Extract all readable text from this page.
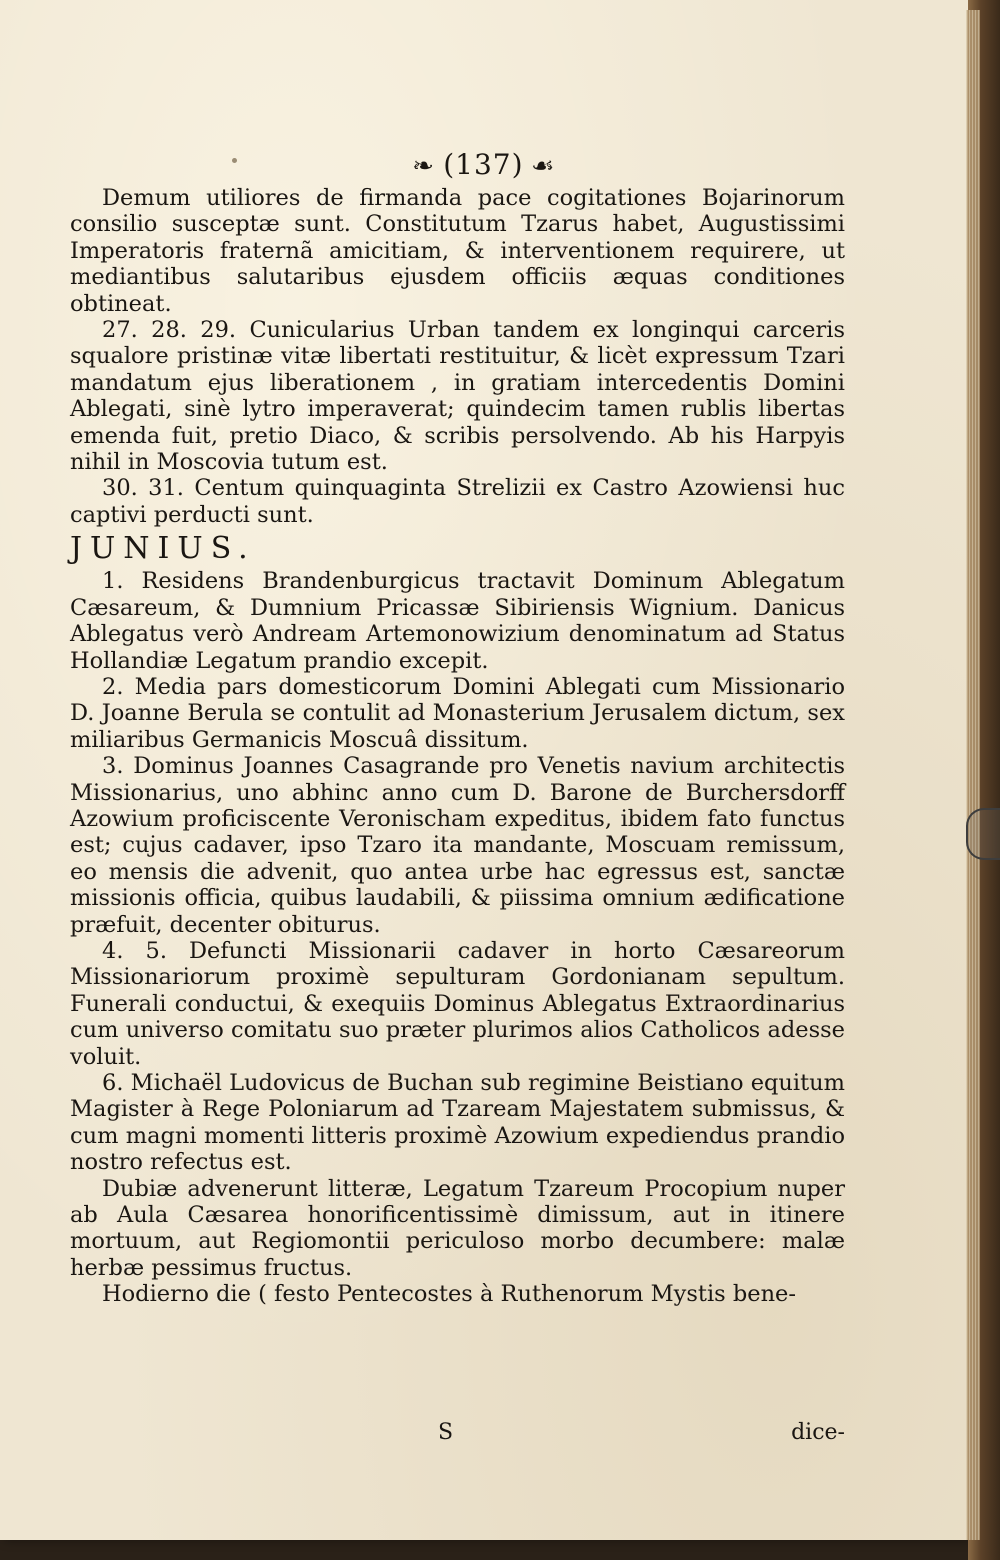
❧ (137) ☙

Demum utiliores de firmanda pace cogitationes Bojarinorum consilio susceptæ sunt. Constitutum Tzarus habet, Augustissimi Imperatoris fraternã amicitiam, & interventionem requirere, ut mediantibus salutaribus ejusdem officiis æquas conditiones obtineat.

27. 28. 29. Cunicularius Urban tandem ex longinqui carceris squalore pristinæ vitæ libertati restituitur, & licèt expressum Tzari mandatum ejus liberationem , in gratiam intercedentis Domini Ablegati, sinè lytro imperaverat; quindecim tamen rublis libertas emenda fuit, pretio Diaco, & scribis persolvendo. Ab his Harpyis nihil in Moscovia tutum est.

30. 31. Centum quinquaginta Strelizii ex Castro Azowiensi huc captivi perducti sunt.

JUNIUS.

1. Residens Brandenburgicus tractavit Dominum Ablegatum Cæsareum, & Dumnium Pricassæ Sibiriensis Wignium. Danicus Ablegatus verò Andream Artemonowizium denominatum ad Status Hollandiæ Legatum prandio excepit.

2. Media pars domesticorum Domini Ablegati cum Missionario D. Joanne Berula se contulit ad Monasterium Jerusalem dictum, sex miliaribus Germanicis Moscuâ dissitum.

3. Dominus Joannes Casagrande pro Venetis navium architectis Missionarius, uno abhinc anno cum D. Barone de Burchersdorff Azowium proficiscente Veronischam expeditus, ibidem fato functus est; cujus cadaver, ipso Tzaro ita mandante, Moscuam remissum, eo mensis die advenit, quo antea urbe hac egressus est, sanctæ missionis officia, quibus laudabili, & piissima omnium ædificatione præfuit, decenter obiturus.

4. 5. Defuncti Missionarii cadaver in horto Cæsareorum Missionariorum proximè sepulturam Gordonianam sepultum. Funerali conductui, & exequiis Dominus Ablegatus Extraordinarius cum universo comitatu suo præter plurimos alios Catholicos adesse voluit.

6. Michaël Ludovicus de Buchan sub regimine Beistiano equitum Magister à Rege Poloniarum ad Tzaream Majestatem submissus, & cum magni momenti litteris proximè Azowium expediendus prandio nostro refectus est.

Dubiæ advenerunt litteræ, Legatum Tzareum Procopium nuper ab Aula Cæsarea honorificentissimè dimissum, aut in itinere mortuum, aut Regiomontii periculoso morbo decumbere: malæ herbæ pessimus fructus.

Hodierno die ( festo Pentecostes à Ruthenorum Mystis bene-

S	dice-
